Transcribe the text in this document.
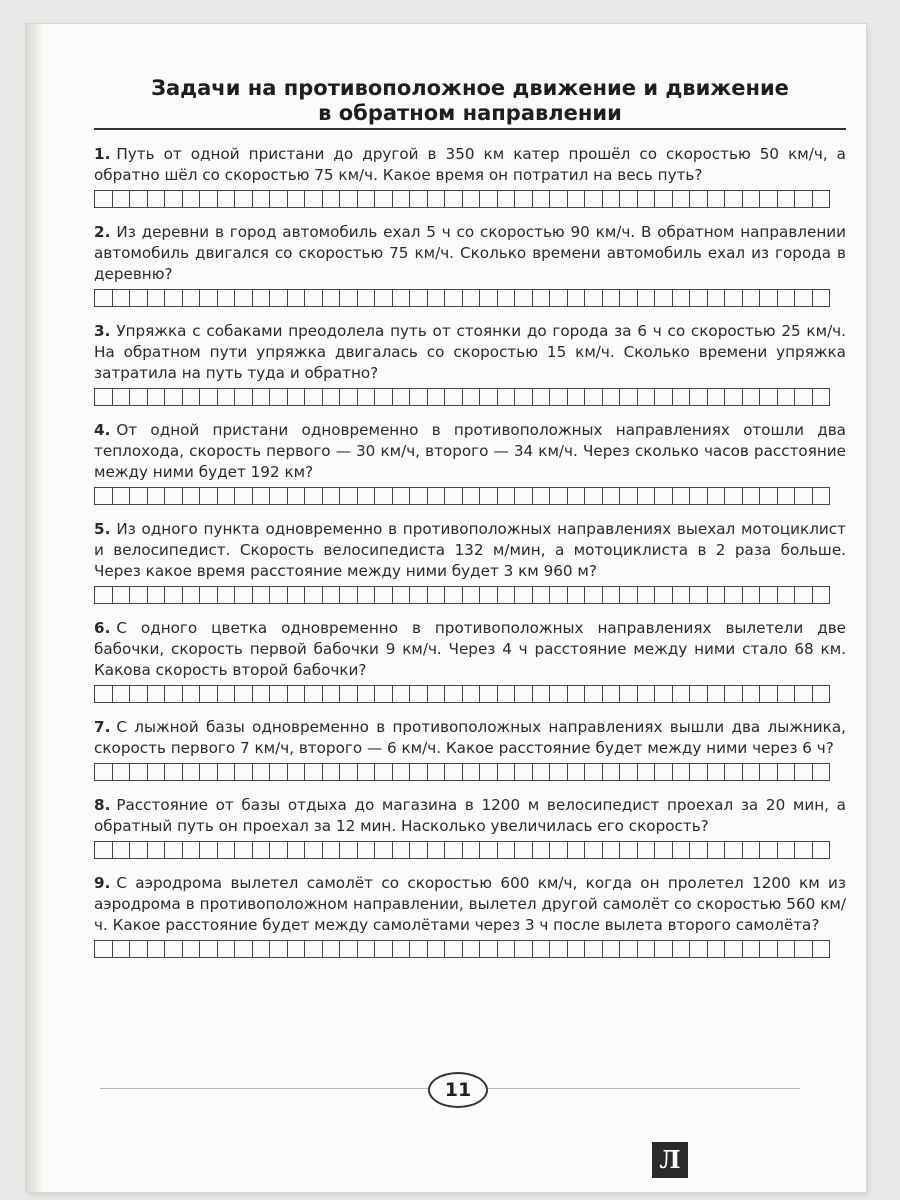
Задачи на противоположное движение и движение
в обратном направлении

1. Путь от одной пристани до другой в 350 км катер прошёл со скоростью 50 км/ч, а обратно шёл со скоростью 75 км/ч. Какое время он потратил на весь путь?

2. Из деревни в город автомобиль ехал 5 ч со скоростью 90 км/ч. В обратном направлении автомобиль двигался со скоростью 75 км/ч. Сколько времени автомобиль ехал из города в деревню?

3. Упряжка с собаками преодолела путь от стоянки до города за 6 ч со скоростью 25 км/ч. На обратном пути упряжка двигалась со скоростью 15 км/ч. Сколько времени упряжка затратила на путь туда и обратно?

4. От одной пристани одновременно в противоположных направлениях отошли два теплохода, скорость первого — 30 км/ч, второго — 34 км/ч. Через сколько часов расстояние между ними будет 192 км?

5. Из одного пункта одновременно в противоположных направлениях выехал мотоциклист и велосипедист. Скорость велосипедиста 132 м/мин, а мотоциклиста в 2 раза больше. Через какое время расстояние между ними будет 3 км 960 м?

6. С одного цветка одновременно в противоположных направлениях вылетели две бабочки, скорость первой бабочки 9 км/ч. Через 4 ч расстояние между ними стало 68 км. Какова скорость второй бабочки?

7. С лыжной базы одновременно в противоположных направлениях вышли два лыжника, скорость первого 7 км/ч, второго — 6 км/ч. Какое расстояние будет между ними через 6 ч?

8. Расстояние от базы отдыха до магазина в 1200 м велосипедист проехал за 20 мин, а обратный путь он проехал за 12 мин. Насколько увеличилась его скорость?

9. С аэродрома вылетел самолёт со скоростью 600 км/ч, когда он пролетел 1200 км из аэродрома в противоположном направлении, вылетел другой самолёт со скоростью 560 км/ч. Какое расстояние будет между самолётами через 3 ч после вылета второго самолёта?

11
Л
